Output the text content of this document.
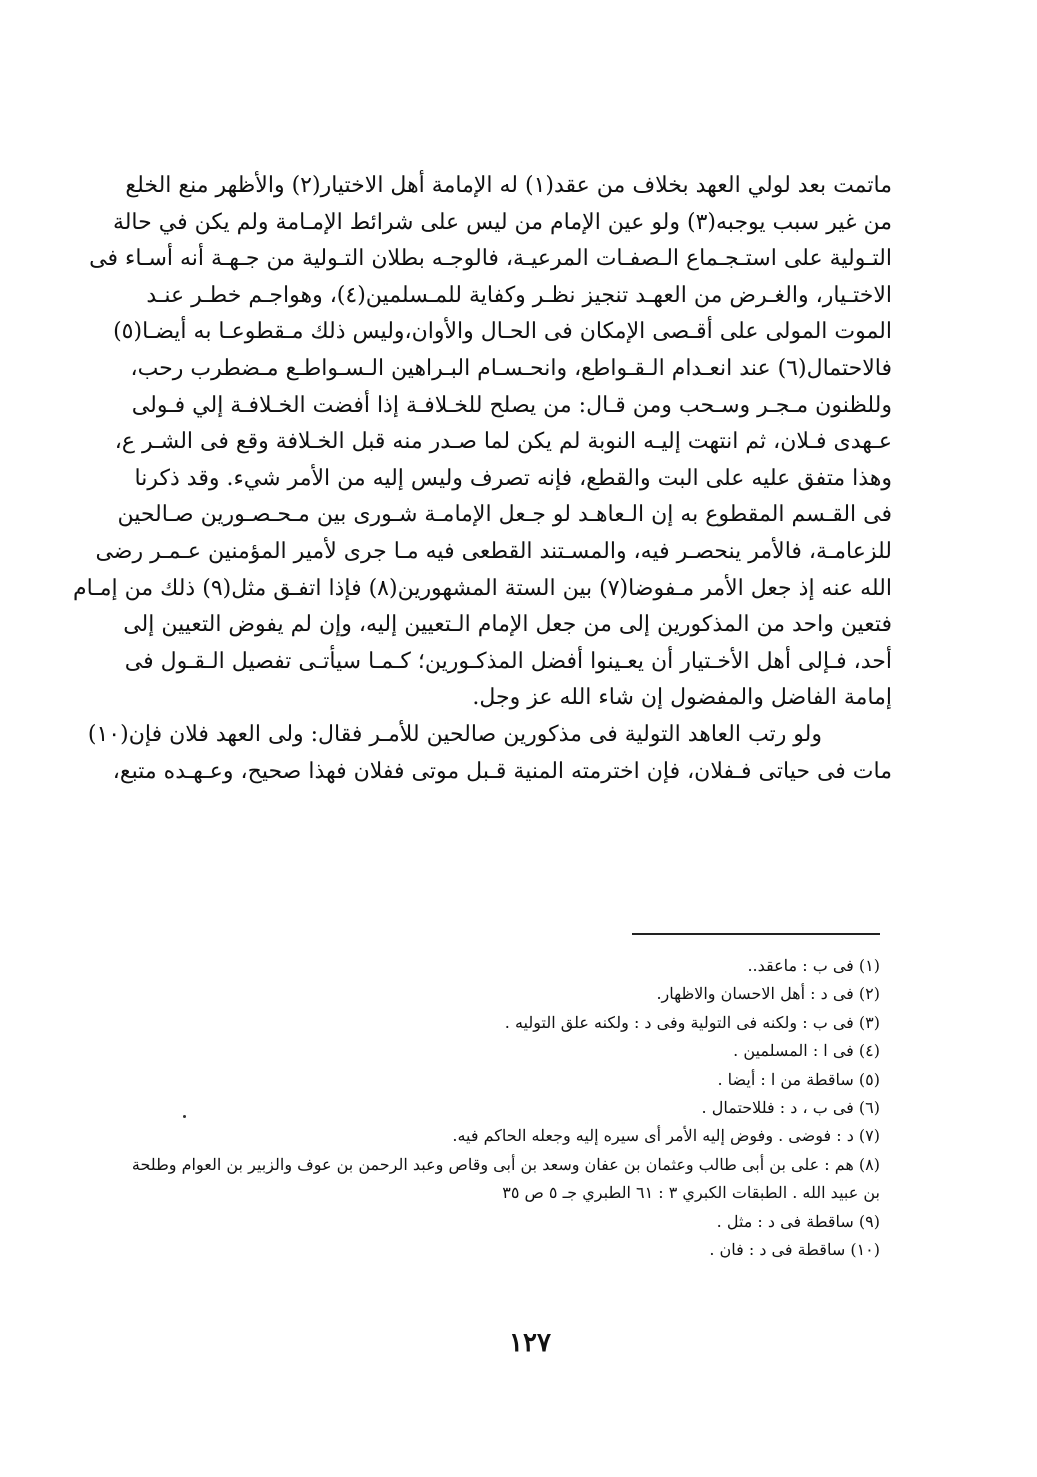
ماتمت بعد لولي العهد بخلاف من عقد(١) له الإمامة أهل الاختيار(٢) والأظهر منع الخلع
من غير سبب يوجبه(٣) ولو عين الإمام من ليس على شرائط الإمـامة ولم يكن في حالة
التـولية على استـجـماع الـصفـات المرعيـة، فالوجـه بطلان التـولية من جـهـة أنه أسـاء فى
الاختـيار، والغـرض من العهـد تنجيز نظـر وكفاية للمـسلمين(٤)، وهواجـم خطـر عنـد
الموت المولى على أقـصى الإمكان فى الحـال والأوان،وليس ذلك مـقطوعـا به أيضـا(٥)
فالاحتمال(٦) عند انعـدام الـقـواطع، وانحـسـام البـراهين الـسـواطـع مـضطرب رحب،
وللظنون مـجـر وسـحب ومن قـال: من يصلح للخـلافـة إذا أفضت الخـلافـة إلي فـولى
عـهدى فـلان، ثم انتهت إليـه النوبة لم يكن لما صـدر منه قبل الخـلافة وقع فى الشـر ع،
وهذا متفق عليه على البت والقطع، فإنه تصرف وليس إليه من الأمر شيء. وقد ذكرنا
فى القـسم المقطوع به إن الـعاهـد لو جـعل الإمامـة شـورى بين مـحـصـورين صـالحين
للزعامـة، فالأمر ينحصـر فيه، والمسـتند القطعى فيه مـا جرى لأمير المؤمنين عـمـر رضى
الله عنه إذ جعل الأمر مـفوضا(٧) بين الستة المشهورين(٨) فإذا اتفـق مثل(٩) ذلك من إمـام
فتعين واحد من المذكورين إلى من جعل الإمام الـتعيين إليه، وإن لم يفوض التعيين إلى
أحد، فـإلى أهل الأخـتيار أن يعـينوا أفضل المذكـورين؛ كـمـا سيأتـى تفصيل الـقـول فى
إمامة الفاضل والمفضول إن شاء الله عز وجل.
ولو رتب العاهد التولية فى مذكورين صالحين للأمـر فقال: ولى العهد فلان فإن(١٠)
مات فى حياتى فـفلان، فإن اخترمته المنية قـبل موتى ففلان فهذا صحيح، وعـهـده متبع،
(١) فى ب : ماعقد..
(٢) فى د : أهل الاحسان والاظهار.
(٣) فى ب : ولكنه فى التولية وفى د : ولكنه علق التوليه .
(٤) فى ا : المسلمين .
(٥) ساقطة من ا : أيضا .
(٦) فى ب ، د : فللاحتمال .
(٧) د : فوضى . وفوض إليه الأمر أى سيره إليه وجعله الحاكم فيه.
(٨) هم : على بن أبى طالب وعثمان بن عفان وسعد بن أبى وقاص وعبد الرحمن بن عوف والزبير بن العوام وطلحة
بن عبيد الله . الطبقات الكبري ٣ : ٦١ الطبري جـ ٥ ص ٣٥
(٩) ساقطة فى د : مثل .
(١٠) ساقطة فى د : فان .
١٢٧
